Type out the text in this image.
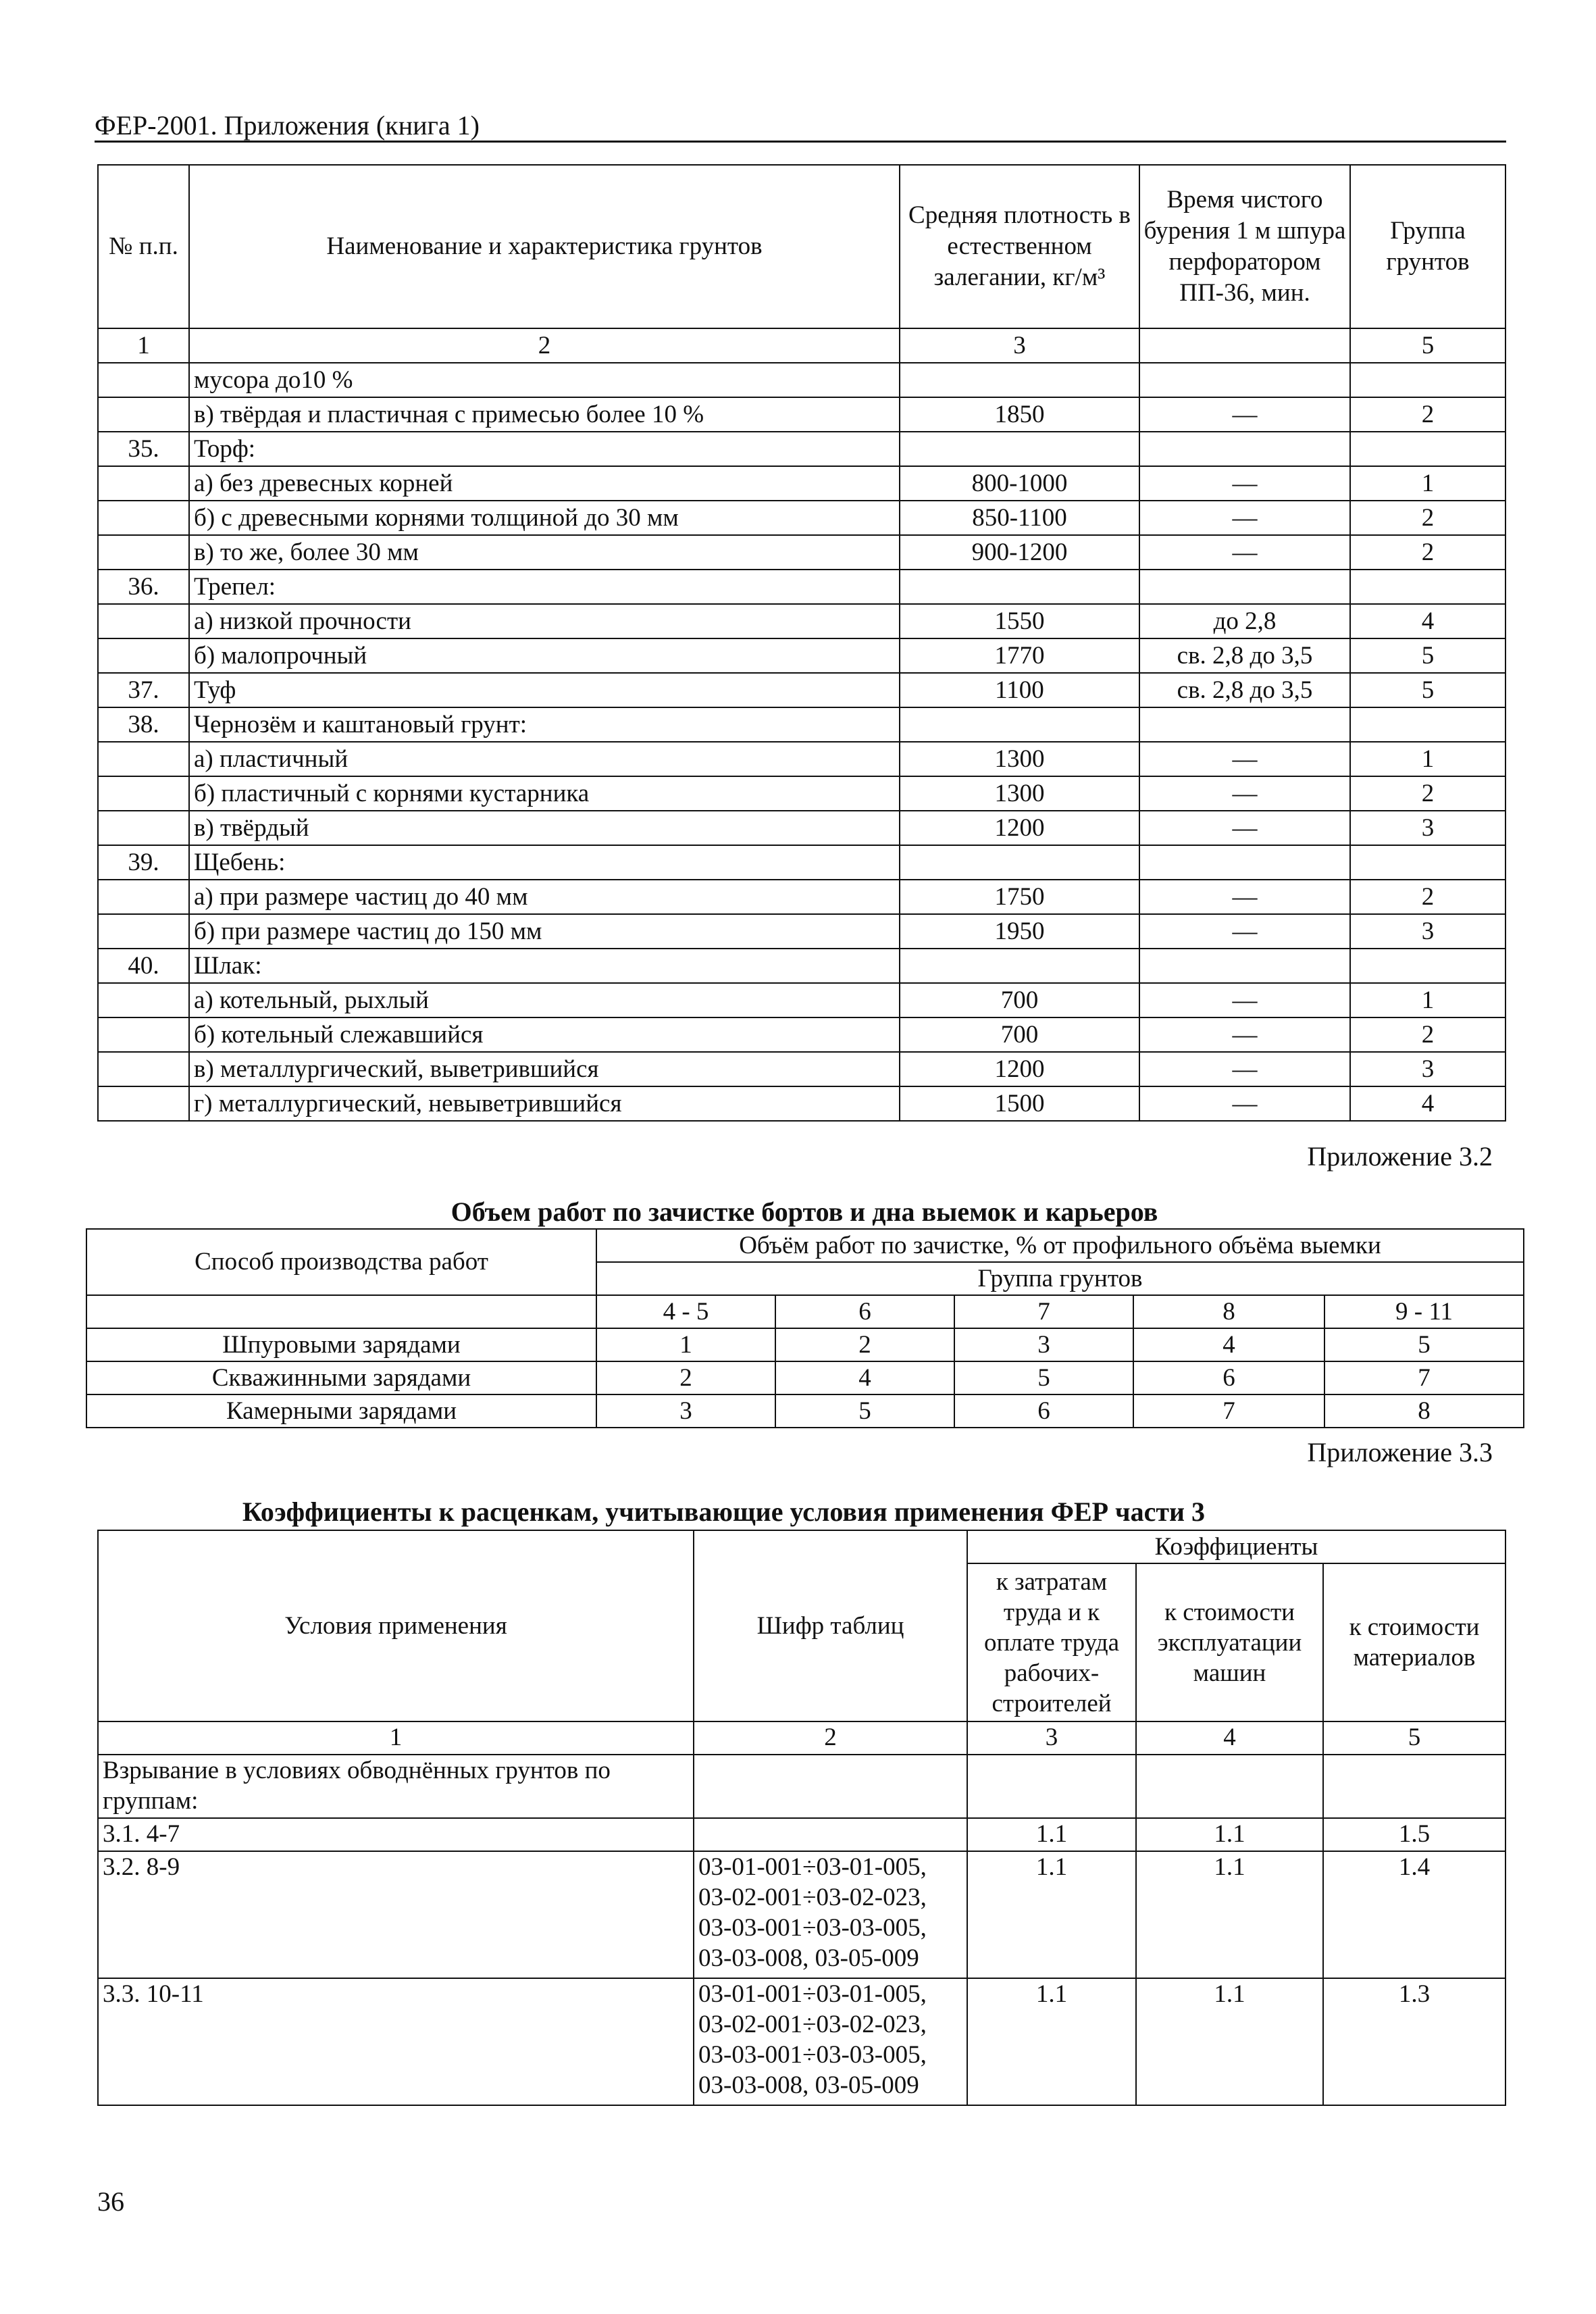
ФЕР-2001. Приложения (книга 1)
№ п.п.	Наименование и характеристика грунтов	Средняя плотность в естественном залегании, кг/м³	Время чистого бурения 1 м шпура перфоратором ПП-36, мин.	Группа грунтов
1	2	3		5
	мусора до10 %			
	в) твёрдая и пластичная с примесью более 10 %	1850	—	2
35.	Торф:			
	а) без древесных корней	800-1000	—	1
	б) с древесными корнями толщиной до 30 мм	850-1100	—	2
	в) то же, более 30 мм	900-1200	—	2
36.	Трепел:			
	а) низкой прочности	1550	до 2,8	4
	б) малопрочный	1770	св. 2,8 до 3,5	5
37.	Туф	1100	св. 2,8 до 3,5	5
38.	Чернозём и каштановый грунт:			
	а) пластичный	1300	—	1
	б) пластичный с корнями кустарника	1300	—	2
	в) твёрдый	1200	—	3
39.	Щебень:			
	а) при размере частиц до 40 мм	1750	—	2
	б) при размере частиц до 150 мм	1950	—	3
40.	Шлак:			
	а) котельный, рыхлый	700	—	1
	б) котельный слежавшийся	700	—	2
	в) металлургический, выветрившийся	1200	—	3
	г) металлургический, невыветрившийся	1500	—	4
Приложение 3.2
Объем работ по зачистке бортов и дна выемок и карьеров
Способ производства работ	Объём работ по зачистке, % от профильного объёма выемки				
	Группа грунтов				
	4 - 5	6	7	8	9 - 11
Шпуровыми зарядами	1	2	3	4	5
Скважинными зарядами	2	4	5	6	7
Камерными зарядами	3	5	6	7	8
Приложение 3.3
Коэффициенты к расценкам, учитывающие условия применения ФЕР части 3
Условия применения	Шифр таблиц	Коэффициенты		
		к затратам труда и к оплате труда рабочих-строителей	к стоимости эксплуатации машин	к стоимости материалов
1	2	3	4	5
Взрывание в условиях обводнённых грунтов по группам:				
3.1. 4-7		1.1	1.1	1.5
3.2. 8-9	03-01-001÷03-01-005,
03-02-001÷03-02-023,
03-03-001÷03-03-005,
03-03-008, 03-05-009	1.1	1.1	1.4
3.3. 10-11	03-01-001÷03-01-005,
03-02-001÷03-02-023,
03-03-001÷03-03-005,
03-03-008, 03-05-009	1.1	1.1	1.3
36
